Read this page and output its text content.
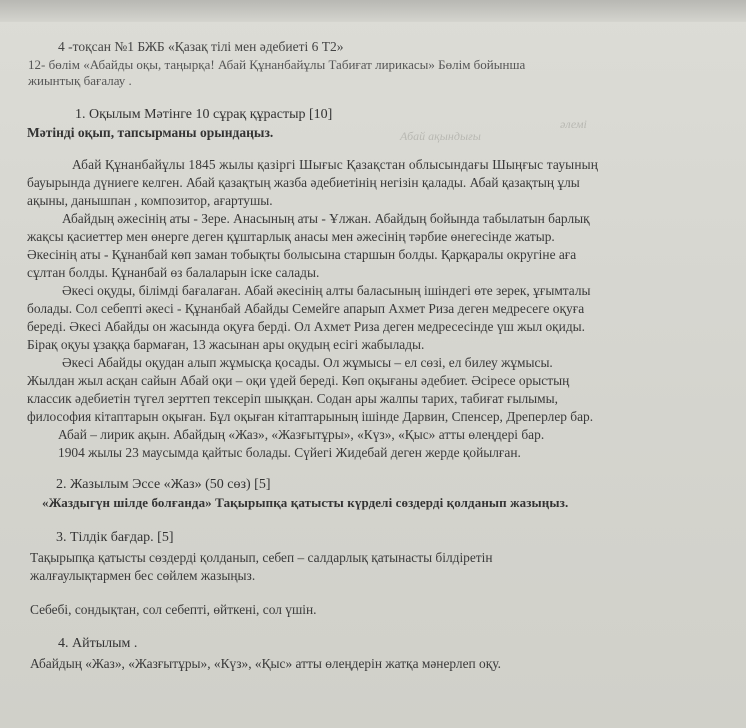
Абай ақындығы
әлемі
4 -тоқсан №1 БЖБ «Қазақ тілі мен әдебиеті 6 Т2»
12- бөлім «Абайды оқы, таңырқа! Абай Құнанбайұлы Табиғат лирикасы» Бөлім бойынша
жиынтық бағалау .
1. Оқылым Мәтінге 10 сұрақ құрастыр [10]
Мәтінді оқып, тапсырманы орындаңыз.
Абай Құнанбайұлы 1845 жылы қазіргі Шығыс Қазақстан облысындағы Шыңғыс тауының
бауырында дүниеге келген. Абай қазақтың жазба әдебиетінің негізін қалады. Абай қазақтың ұлы
ақыны, данышпан , композитор, ағартушы.
Абайдың әжесінің аты - Зере. Анасының аты - Ұлжан. Абайдың бойында табылатын барлық
жақсы қасиеттер мен өнерге деген құштарлық анасы мен әжесінің тәрбие өнегесінде жатыр.
Әкесінің аты - Құнанбай көп заман тобықты болысына старшын болды. Қарқаралы округіне аға
сұлтан болды. Құнанбай өз балаларын іске салады.
Әкесі оқуды, білімді бағалаған. Абай әкесінің алты баласының ішіндегі өте зерек, ұғымталы
болады. Сол себепті әкесі - Құнанбай Абайды Семейге апарып Ахмет Риза деген медресеге оқуға
береді. Әкесі Абайды он жасында оқуға берді. Ол Ахмет Риза деген медресесінде үш жыл оқиды.
Бірақ оқуы ұзаққа бармаған, 13 жасынан ары оқудың есігі жабылады.
Әкесі Абайды оқудан алып жұмысқа қосады. Ол жұмысы – ел сөзі, ел билеу жұмысы.
Жылдан жыл асқан сайын Абай оқи – оқи үдей береді. Көп оқығаны әдебиет. Әсіресе орыстың
классик әдебиетін түгел зерттеп тексеріп шыққан. Содан ары жалпы тарих, табиғат ғылымы,
философия кітаптарын оқыған. Бұл оқыған кітаптарының ішінде Дарвин, Спенсер, Дреперлер бар.
Абай – лирик ақын. Абайдың «Жаз», «Жазғытұры», «Күз», «Қыс» атты өлеңдері бар.
1904 жылы 23 маусымда қайтыс болады. Сүйегі Жидебай деген жерде қойылған.
2. Жазылым Эссе «Жаз» (50 сөз) [5]
«Жаздыгүн шілде болғанда» Тақырыпқа қатысты күрделі сөздерді қолданып жазыңыз.
3. Тілдік бағдар. [5]
Тақырыпқа қатысты сөздерді қолданып, себеп – салдарлық қатынасты білдіретін
жалғаулықтармен бес сөйлем жазыңыз.
Себебі, сондықтан, сол себепті, өйткені, сол үшін.
4. Айтылым .
Абайдың «Жаз», «Жазғытұры», «Күз», «Қыс» атты өлеңдерін жатқа мәнерлеп оқу.
